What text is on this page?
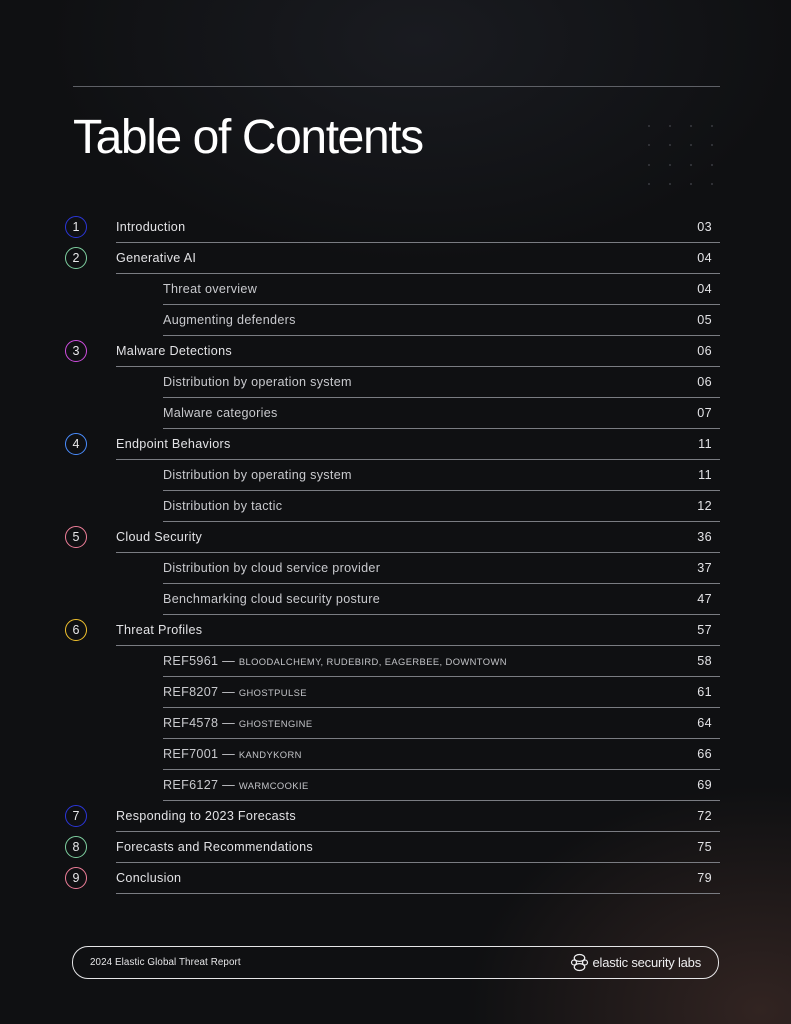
Table of Contents
1	Introduction	03
2	Generative AI	04
Threat overview	04
Augmenting defenders	05
3	Malware Detections	06
Distribution by operation system	06
Malware categories	07
4	Endpoint Behaviors	11
Distribution by operating system	11
Distribution by tactic	12
5	Cloud Security	36
Distribution by cloud service provider	37
Benchmarking cloud security posture	47
6	Threat Profiles	57
REF5961 — BLOODALCHEMY, RUDEBIRD, EAGERBEE, DOWNTOWN	58
REF8207 — GHOSTPULSE	61
REF4578 — GHOSTENGINE	64
REF7001 — KANDYKORN	66
REF6127 — WARMCOOKIE	69
7	Responding to 2023 Forecasts	72
8	Forecasts and Recommendations	75
9	Conclusion	79
2024 Elastic Global Threat Report	elastic security labs
